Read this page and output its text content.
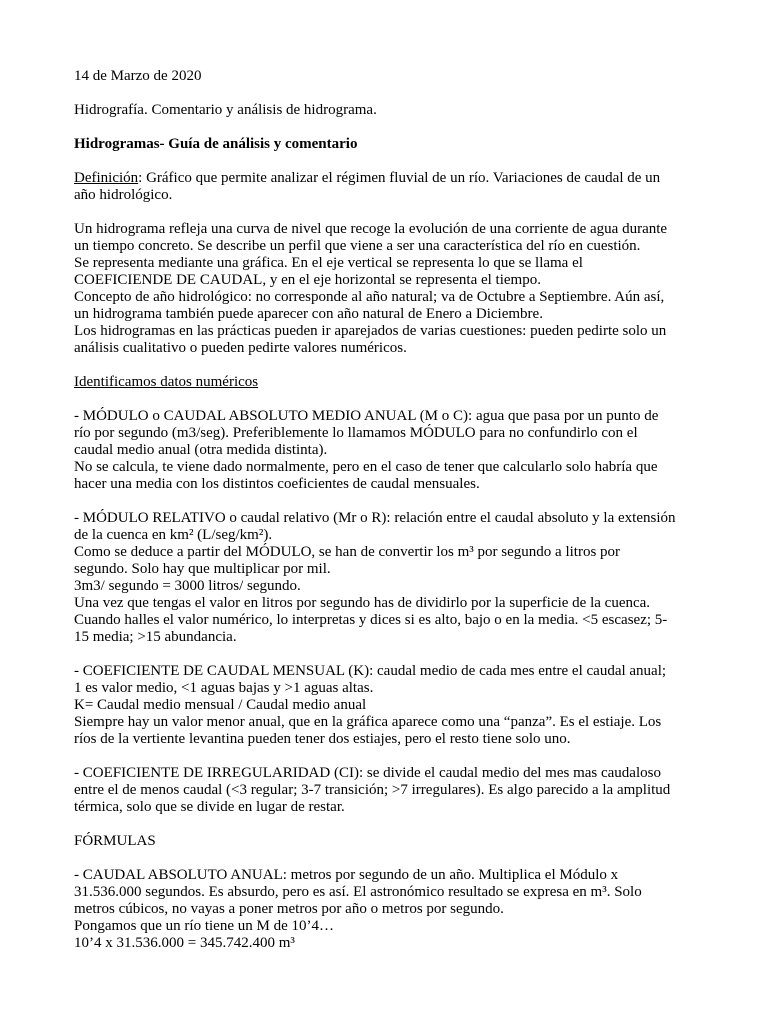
14 de Marzo de 2020

Hidrografía. Comentario y análisis de hidrograma.

Hidrogramas- Guía de análisis y comentario

Definición: Gráfico que permite analizar el régimen fluvial de un río. Variaciones de caudal de un
año hidrológico.

Un hidrograma refleja una curva de nivel que recoge la evolución de una corriente de agua durante
un tiempo concreto. Se describe un perfil que viene a ser una característica del río en cuestión.
Se representa mediante una gráfica. En el eje vertical se representa lo que se llama el
COEFICIENDE DE CAUDAL, y en el eje horizontal se representa el tiempo.
Concepto de año hidrológico: no corresponde al año natural; va de Octubre a Septiembre. Aún así,
un hidrograma también puede aparecer con año natural de Enero a Diciembre.
Los hidrogramas en las prácticas pueden ir aparejados de varias cuestiones: pueden pedirte solo un
análisis cualitativo o pueden pedirte valores numéricos.

Identificamos datos numéricos

- MÓDULO o CAUDAL ABSOLUTO MEDIO ANUAL (M o C): agua que pasa por un punto de
río por segundo (m3/seg). Preferiblemente lo llamamos MÓDULO para no confundirlo con el
caudal medio anual (otra medida distinta).
No se calcula, te viene dado normalmente, pero en el caso de tener que calcularlo solo habría que
hacer una media con los distintos coeficientes de caudal mensuales.

- MÓDULO RELATIVO o caudal relativo (Mr o R): relación entre el caudal absoluto y la extensión
de la cuenca en km² (L/seg/km²).
Como se deduce a partir del MÓDULO, se han de convertir los m³ por segundo a litros por
segundo. Solo hay que multiplicar por mil.
3m3/ segundo = 3000 litros/ segundo.
Una vez que tengas el valor en litros por segundo has de dividirlo por la superficie de la cuenca.
Cuando halles el valor numérico, lo interpretas y dices si es alto, bajo o en la media. <5 escasez; 5-
15 media; >15 abundancia.

- COEFICIENTE DE CAUDAL MENSUAL (K): caudal medio de cada mes entre el caudal anual;
1 es valor medio, <1 aguas bajas y >1 aguas altas.
K= Caudal medio mensual / Caudal medio anual
Siempre hay un valor menor anual, que en la gráfica aparece como una “panza”. Es el estiaje. Los
ríos de la vertiente levantina pueden tener dos estiajes, pero el resto tiene solo uno.

- COEFICIENTE DE IRREGULARIDAD (CI): se divide el caudal medio del mes mas caudaloso
entre el de menos caudal (<3 regular; 3-7 transición; >7 irregulares). Es algo parecido a la amplitud
térmica, solo que se divide en lugar de restar.

FÓRMULAS

- CAUDAL ABSOLUTO ANUAL: metros por segundo de un año. Multiplica el Módulo x
31.536.000 segundos. Es absurdo, pero es así. El astronómico resultado se expresa en m³. Solo
metros cúbicos, no vayas a poner metros por año o metros por segundo.
Pongamos que un río tiene un M de 10’4…
10’4 x 31.536.000 = 345.742.400 m³
